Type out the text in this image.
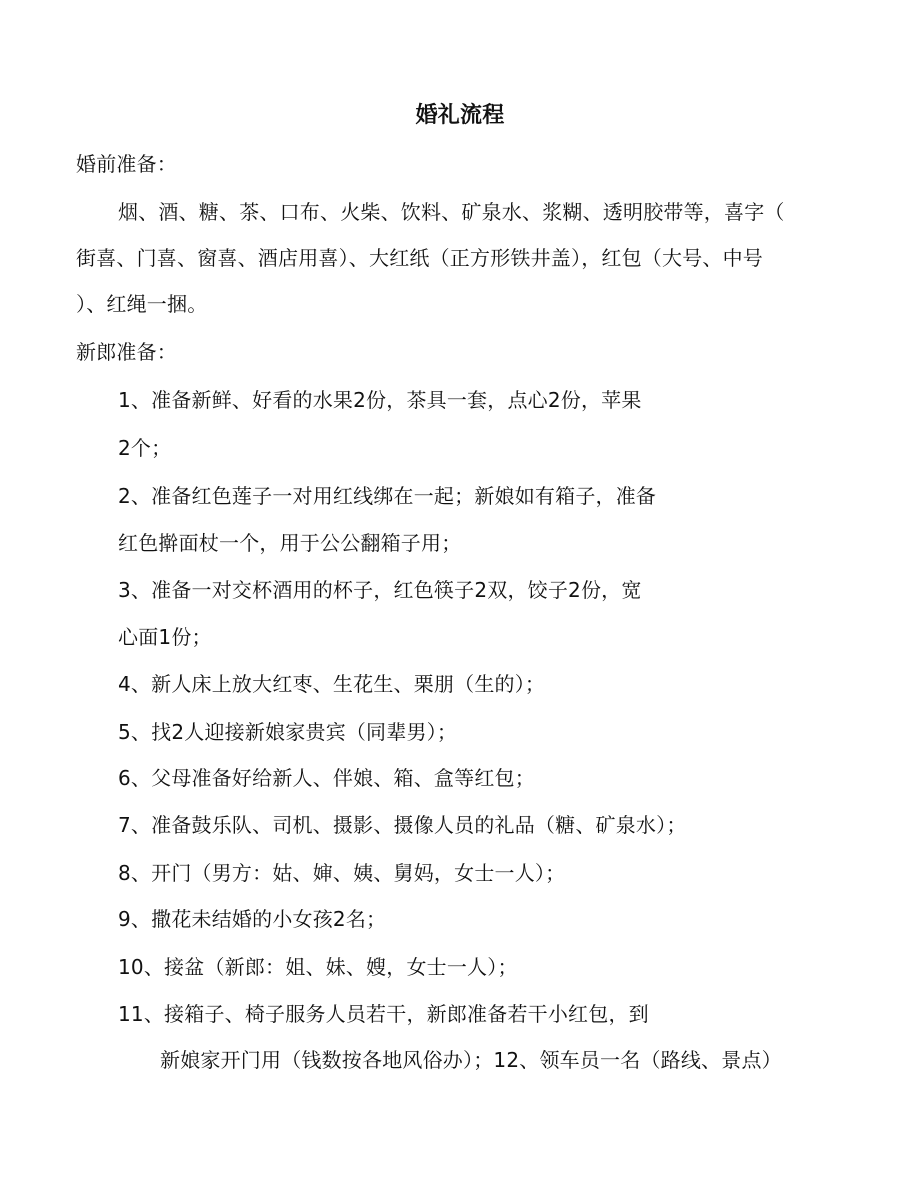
婚礼流程
婚前准备：
烟、酒、糖、茶、口布、火柴、饮料、矿泉水、浆糊、透明胶带等，喜字（
街喜、门喜、窗喜、酒店用喜）、大红纸（正方形铁井盖），红包（大号、中号
）、红绳一捆。
新郎准备：
1、准备新鲜、好看的水果2份，茶具一套，点心2份，苹果
2个；
2、准备红色莲子一对用红线绑在一起；新娘如有箱子，准备
红色擀面杖一个，用于公公翻箱子用；
3、准备一对交杯酒用的杯子，红色筷子2双，饺子2份，宽
心面1份；
4、新人床上放大红枣、生花生、栗朋（生的）；
5、找2人迎接新娘家贵宾（同辈男）；
6、父母准备好给新人、伴娘、箱、盒等红包；
7、准备鼓乐队、司机、摄影、摄像人员的礼品（糖、矿泉水）；
8、开门（男方：姑、婶、姨、舅妈，女士一人）；
9、撒花未结婚的小女孩2名；
10、接盆（新郎：姐、妹、嫂，女士一人）；
11、接箱子、椅子服务人员若干，新郎准备若干小红包，到
新娘家开门用（钱数按各地风俗办）；12、领车员一名（路线、景点）
